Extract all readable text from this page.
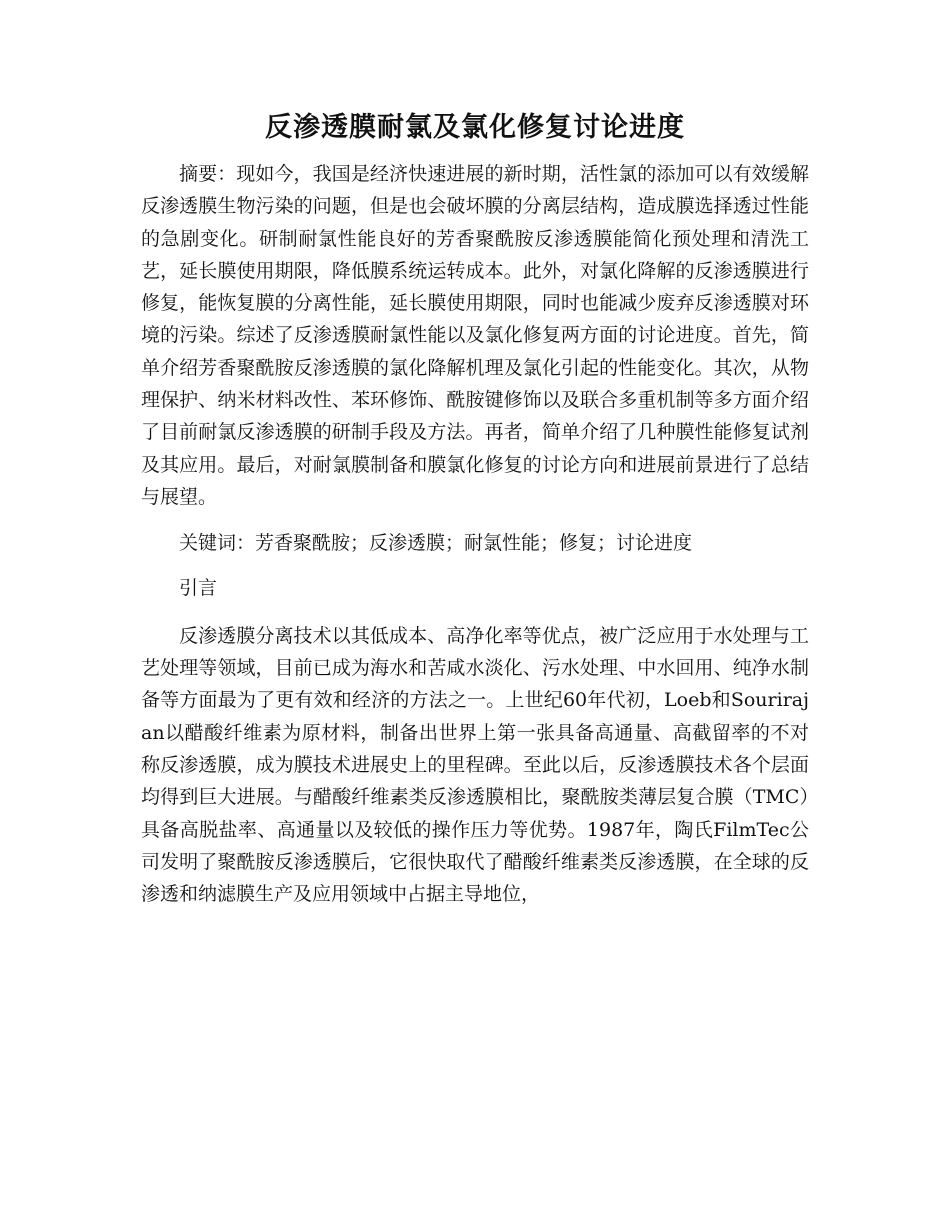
反渗透膜耐氯及氯化修复讨论进度

摘要：现如今，我国是经济快速进展的新时期，活性氯的添加可以有效缓解反渗透膜生物污染的问题，但是也会破坏膜的分离层结构，造成膜选择透过性能的急剧变化。研制耐氯性能良好的芳香聚酰胺反渗透膜能简化预处理和清洗工艺，延长膜使用期限，降低膜系统运转成本。此外，对氯化降解的反渗透膜进行修复，能恢复膜的分离性能，延长膜使用期限，同时也能减少废弃反渗透膜对环境的污染。综述了反渗透膜耐氯性能以及氯化修复两方面的讨论进度。首先，简单介绍芳香聚酰胺反渗透膜的氯化降解机理及氯化引起的性能变化。其次，从物理保护、纳米材料改性、苯环修饰、酰胺键修饰以及联合多重机制等多方面介绍了目前耐氯反渗透膜的研制手段及方法。再者，简单介绍了几种膜性能修复试剂及其应用。最后，对耐氯膜制备和膜氯化修复的讨论方向和进展前景进行了总结与展望。

关键词：芳香聚酰胺；反渗透膜；耐氯性能；修复；讨论进度

引言

反渗透膜分离技术以其低成本、高净化率等优点，被广泛应用于水处理与工艺处理等领域，目前已成为海水和苦咸水淡化、污水处理、中水回用、纯净水制备等方面最为了更有效和经济的方法之一。上世纪60年代初，Loeb和Sourirajan以醋酸纤维素为原材料，制备出世界上第一张具备高通量、高截留率的不对称反渗透膜，成为膜技术进展史上的里程碑。至此以后，反渗透膜技术各个层面均得到巨大进展。与醋酸纤维素类反渗透膜相比，聚酰胺类薄层复合膜（TMC）具备高脱盐率、高通量以及较低的操作压力等优势。1987年，陶氏FilmTec公司发明了聚酰胺反渗透膜后，它很快取代了醋酸纤维素类反渗透膜，在全球的反渗透和纳滤膜生产及应用领域中占据主导地位，
